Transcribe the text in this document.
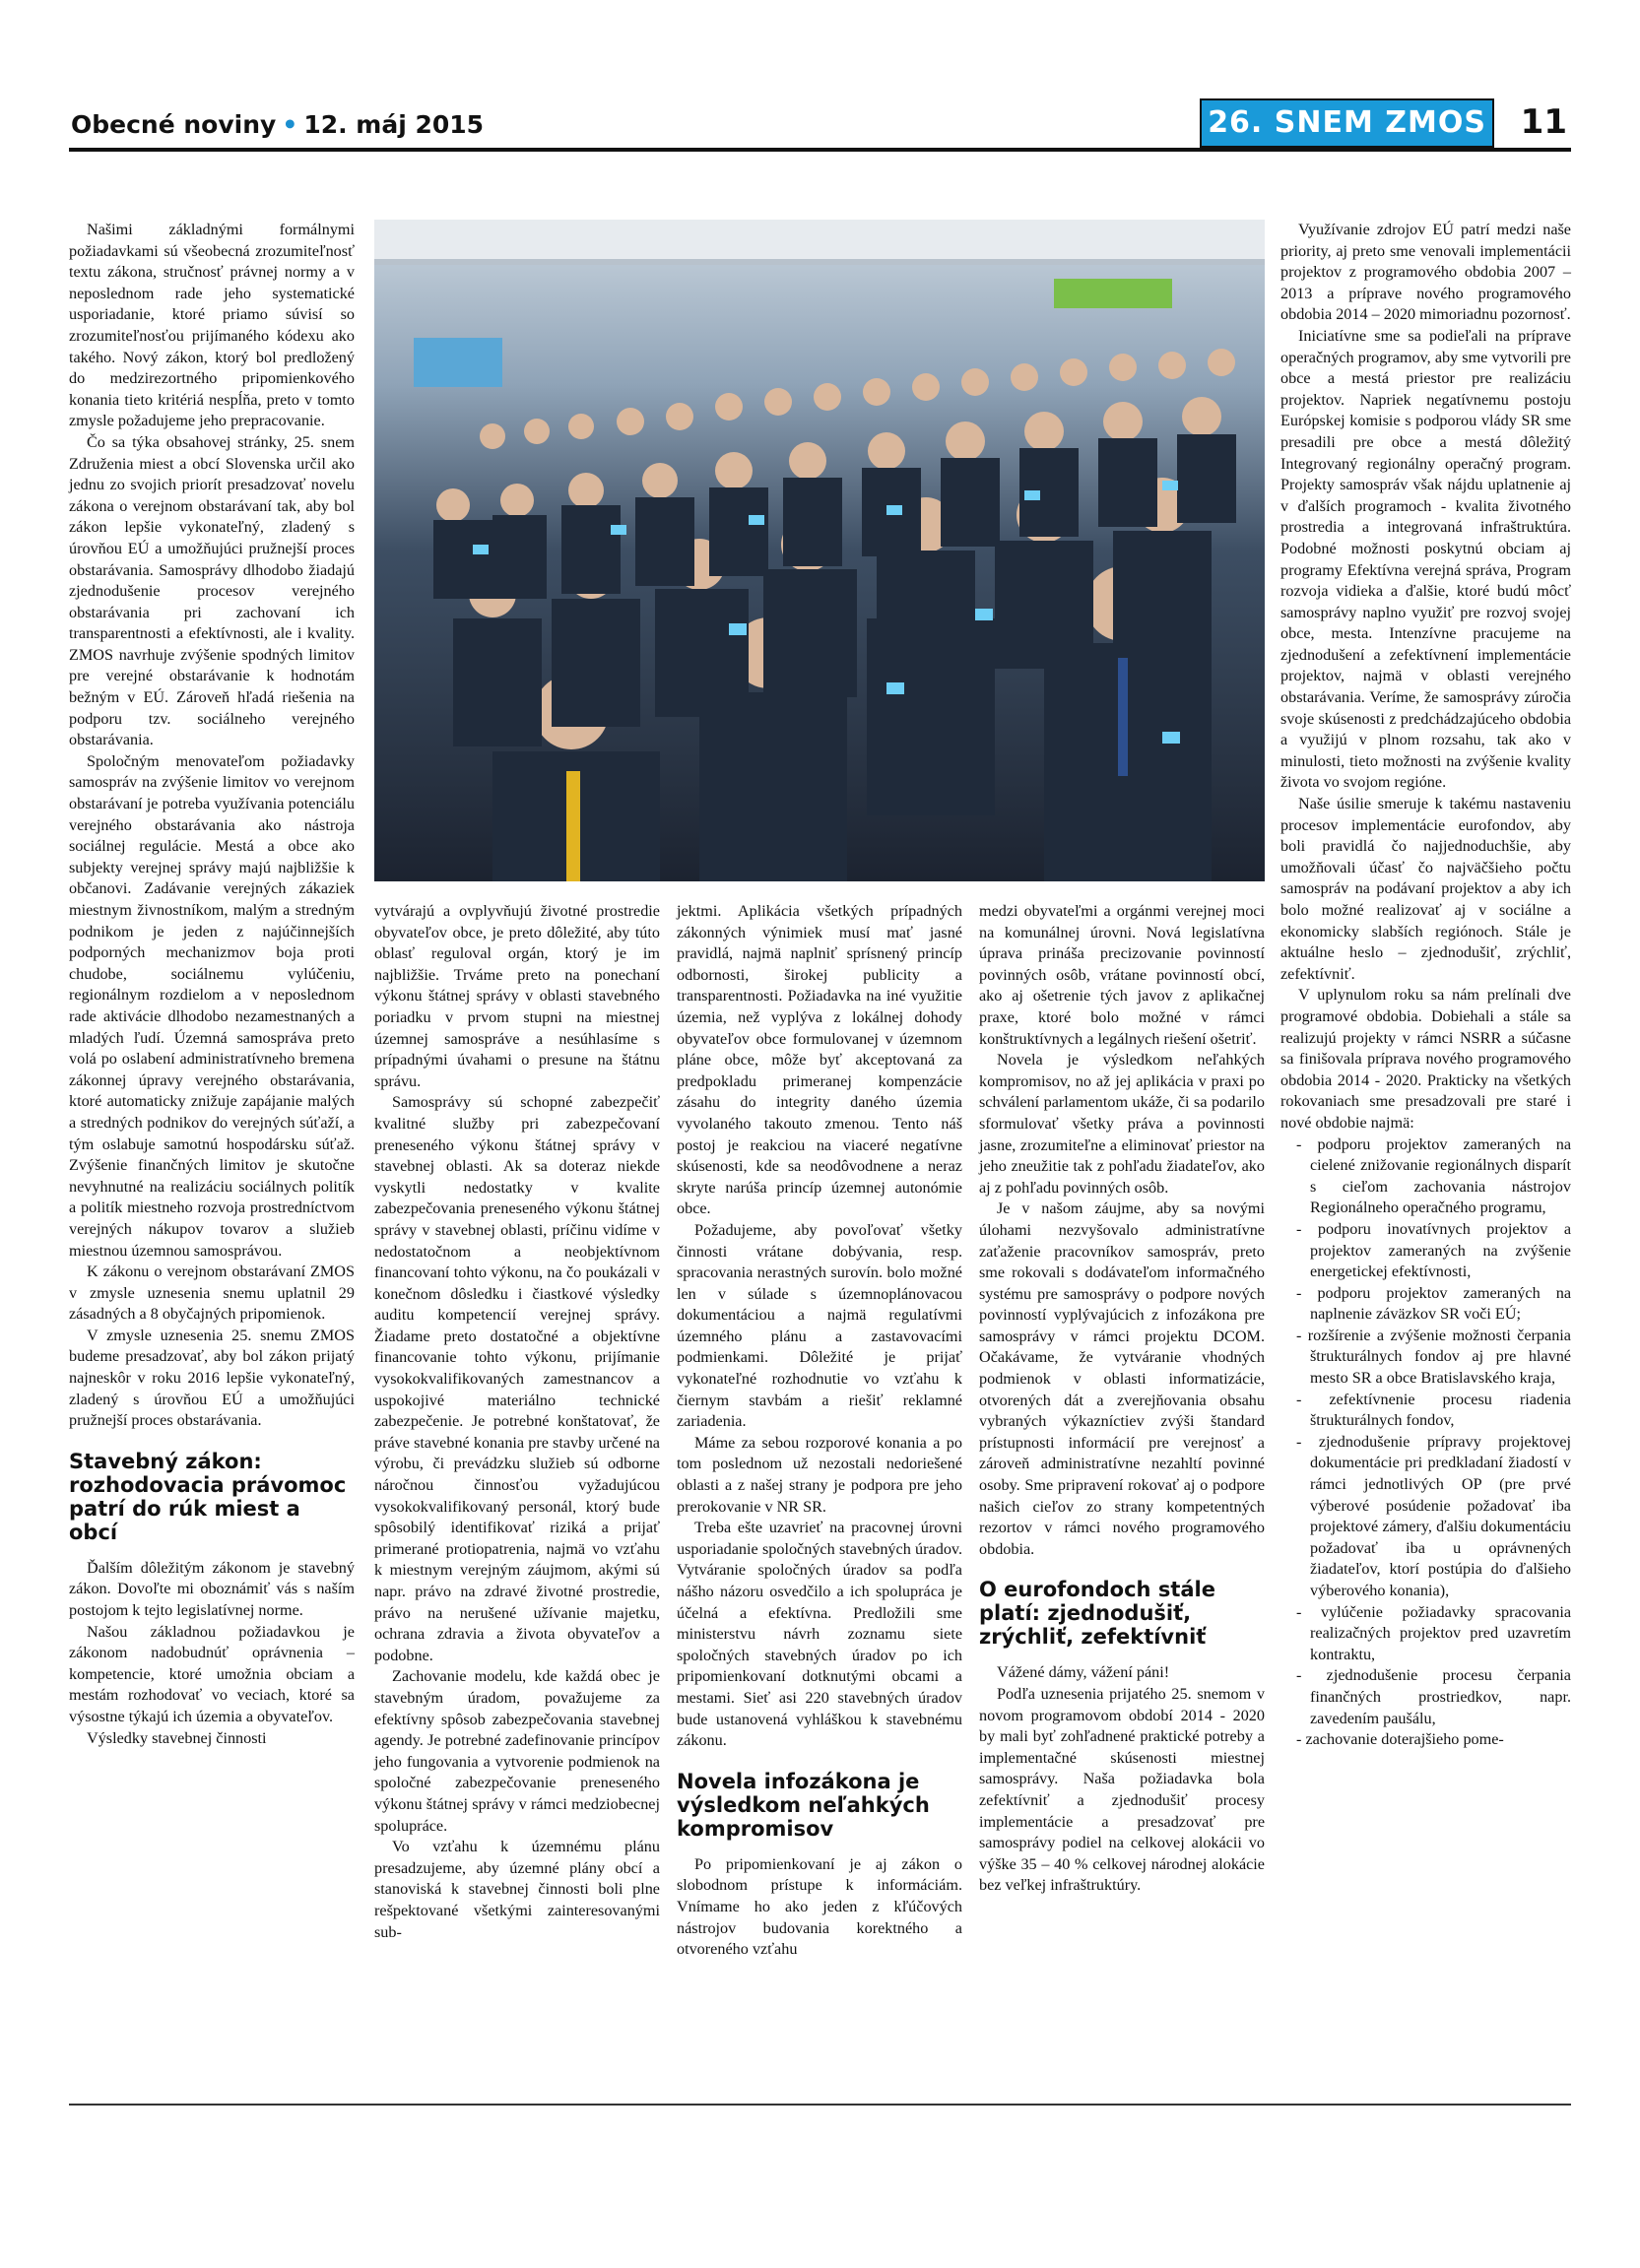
Obecné noviny • 12. máj 2015	26. SNEM ZMOS 11

Našimi základnými formálnymi požiadavkami sú všeobecná zrozumiteľnosť textu zákona, stručnosť právnej normy a v neposlednom rade jeho systematické usporiadanie, ktoré priamo súvisí so zrozumiteľnosťou prijímaného kódexu ako takého. Nový zákon, ktorý bol predložený do medzirezortného pripomienkového konania tieto kritériá nespĺňa, preto v tomto zmysle požadujeme jeho prepracovanie.

Čo sa týka obsahovej stránky, 25. snem Združenia miest a obcí Slovenska určil ako jednu zo svojich priorít presadzovať novelu zákona o verejnom obstarávaní tak, aby bol zákon lepšie vykonateľný, zladený s úrovňou EÚ a umožňujúci pružnejší proces obstarávania. Samosprávy dlhodobo žiadajú zjednodušenie procesov verejného obstarávania pri zachovaní ich transparentnosti a efektívnosti, ale i kvality. ZMOS navrhuje zvýšenie spodných limitov pre verejné obstarávanie k hodnotám bežným v EÚ. Zároveň hľadá riešenia na podporu tzv. sociálneho verejného obstarávania.

Spoločným menovateľom požiadavky samospráv na zvýšenie limitov vo verejnom obstarávaní je potreba využívania potenciálu verejného obstarávania ako nástroja sociálnej regulácie. Mestá a obce ako subjekty verejnej správy majú najbližšie k občanovi. Zadávanie verejných zákaziek miestnym živnostníkom, malým a stredným podnikom je jeden z najúčinnejších podporných mechanizmov boja proti chudobe, sociálnemu vylúčeniu, regionálnym rozdielom a v neposlednom rade aktivácie dlhodobo nezamestnaných a mladých ľudí. Územná samospráva preto volá po oslabení administratívneho bremena zákonnej úpravy verejného obstarávania, ktoré automaticky znižuje zapájanie malých a stredných podnikov do verejných súťaží, a tým oslabuje samotnú hospodársku súťaž. Zvýšenie finančných limitov je skutočne nevyhnutné na realizáciu sociálnych politík a politík miestneho rozvoja prostredníctvom verejných nákupov tovarov a služieb miestnou územnou samosprávou.

K zákonu o verejnom obstarávaní ZMOS v zmysle uznesenia snemu uplatnil 29 zásadných a 8 obyčajných pripomienok.

V zmysle uznesenia 25. snemu ZMOS budeme presadzovať, aby bol zákon prijatý najneskôr v roku 2016 lepšie vykonateľný, zladený s úrovňou EÚ a umožňujúci pružnejší proces obstarávania.

Stavebný zákon: rozhodovacia právomoc patrí do rúk miest a obcí

Ďalším dôležitým zákonom je stavebný zákon. Dovoľte mi oboznámiť vás s naším postojom k tejto legislatívnej norme.

Našou základnou požiadavkou je zákonom nadobudnúť oprávnenia – kompetencie, ktoré umožnia obciam a mestám rozhodovať vo veciach, ktoré sa výsostne týkajú ich územia a obyvateľov.

Výsledky stavebnej činnosti

vytvárajú a ovplyvňujú životné prostredie obyvateľov obce, je preto dôležité, aby túto oblasť reguloval orgán, ktorý je im najbližšie. Trváme preto na ponechaní výkonu štátnej správy v oblasti stavebného poriadku v prvom stupni na miestnej územnej samospráve a nesúhlasíme s prípadnými úvahami o presune na štátnu správu.

Samosprávy sú schopné zabezpečiť kvalitné služby pri zabezpečovaní preneseného výkonu štátnej správy v stavebnej oblasti. Ak sa doteraz niekde vyskytli nedostatky v kvalite zabezpečovania preneseného výkonu štátnej správy v stavebnej oblasti, príčinu vidíme v nedostatočnom a neobjektívnom financovaní tohto výkonu, na čo poukázali v konečnom dôsledku i čiastkové výsledky auditu kompetencií verejnej správy. Žiadame preto dostatočné a objektívne financovanie tohto výkonu, prijímanie vysokokvalifikovaných zamestnancov a uspokojivé materiálno technické zabezpečenie. Je potrebné konštatovať, že práve stavebné konania pre stavby určené na výrobu, či prevádzku služieb sú odborne náročnou činnosťou vyžadujúcou vysokokvalifikovaný personál, ktorý bude spôsobilý identifikovať riziká a prijať primerané protiopatrenia, najmä vo vzťahu k miestnym verejným záujmom, akými sú napr. právo na zdravé životné prostredie, právo na nerušené užívanie majetku, ochrana zdravia a života obyvateľov a podobne.

Zachovanie modelu, kde každá obec je stavebným úradom, považujeme za efektívny spôsob zabezpečovania stavebnej agendy. Je potrebné zadefinovanie princípov jeho fungovania a vytvorenie podmienok na spoločné zabezpečovanie preneseného výkonu štátnej správy v rámci medziobecnej spolupráce.

Vo vzťahu k územnému plánu presadzujeme, aby územné plány obcí a stanoviská k stavebnej činnosti boli plne rešpektované všetkými zainteresovanými sub-

jektmi. Aplikácia všetkých prípadných zákonných výnimiek musí mať jasné pravidlá, najmä naplniť sprísnený princíp odbornosti, širokej publicity a transparentnosti. Požiadavka na iné využitie územia, než vyplýva z lokálnej dohody obyvateľov obce formulovanej v územnom pláne obce, môže byť akceptovaná za predpokladu primeranej kompenzácie zásahu do integrity daného územia vyvolaného takouto zmenou. Tento náš postoj je reakciou na viaceré negatívne skúsenosti, kde sa neodôvodnene a neraz skryte narúša princíp územnej autonómie obce.

Požadujeme, aby povoľovať všetky činnosti vrátane dobývania, resp. spracovania nerastných surovín. bolo možné len v súlade s územnoplánovacou dokumentáciou a najmä regulatívmi územného plánu a zastavovacími podmienkami. Dôležité je prijať vykonateľné rozhodnutie vo vzťahu k čiernym stavbám a riešiť reklamné zariadenia.

Máme za sebou rozporové konania a po tom poslednom už nezostali nedoriešené oblasti a z našej strany je podpora pre jeho prerokovanie v NR SR.

Treba ešte uzavrieť na pracovnej úrovni usporiadanie spoločných stavebných úradov. Vytváranie spoločných úradov sa podľa nášho názoru osvedčilo a ich spolupráca je účelná a efektívna. Predložili sme ministerstvu návrh zoznamu siete spoločných stavebných úradov po ich pripomienkovaní dotknutými obcami a mestami. Sieť asi 220 stavebných úradov bude ustanovená vyhláškou k stavebnému zákonu.

Novela infozákona je výsledkom neľahkých kompromisov

Po pripomienkovaní je aj zákon o slobodnom prístupe k informáciám. Vnímame ho ako jeden z kľúčových nástrojov budovania korektného a otvoreného vzťahu

medzi obyvateľmi a orgánmi verejnej moci na komunálnej úrovni. Nová legislatívna úprava prináša precizovanie povinností povinných osôb, vrátane povinností obcí, ako aj ošetrenie tých javov z aplikačnej praxe, ktoré bolo možné v rámci konštruktívnych a legálnych riešení ošetriť.

Novela je výsledkom neľahkých kompromisov, no až jej aplikácia v praxi po schválení parlamentom ukáže, či sa podarilo sformulovať všetky práva a povinnosti jasne, zrozumiteľne a eliminovať priestor na jeho zneužitie tak z pohľadu žiadateľov, ako aj z pohľadu povinných osôb.

Je v našom záujme, aby sa novými úlohami nezvyšovalo administratívne zaťaženie pracovníkov samospráv, preto sme rokovali s dodávateľom informačného systému pre samosprávy o podpore nových povinností vyplývajúcich z infozákona pre samosprávy v rámci projektu DCOM. Očakávame, že vytváranie vhodných podmienok v oblasti informatizácie, otvorených dát a zverejňovania obsahu vybraných výkazníctiev zvýši štandard prístupnosti informácií pre verejnosť a zároveň administratívne nezahltí povinné osoby. Sme pripravení rokovať aj o podpore našich cieľov zo strany kompetentných rezortov v rámci nového programového obdobia.

O eurofondoch stále platí: zjednodušiť, zrýchliť, zefektívniť

Vážené dámy, vážení páni!

Podľa uznesenia prijatého 25. snemom v novom programovom období 2014 - 2020 by mali byť zohľadnené praktické potreby a implementačné skúsenosti miestnej samosprávy. Naša požiadavka bola zefektívniť a zjednodušiť procesy implementácie a presadzovať pre samosprávy podiel na celkovej alokácii vo výške 35 – 40 % celkovej národnej alokácie bez veľkej infraštruktúry.

Využívanie zdrojov EÚ patrí medzi naše priority, aj preto sme venovali implementácii projektov z programového obdobia 2007 – 2013 a príprave nového programového obdobia 2014 – 2020 mimoriadnu pozornosť.

Iniciatívne sme sa podieľali na príprave operačných programov, aby sme vytvorili pre obce a mestá priestor pre realizáciu projektov. Napriek negatívnemu postoju Európskej komisie s podporou vlády SR sme presadili pre obce a mestá dôležitý Integrovaný regionálny operačný program. Projekty samospráv však nájdu uplatnenie aj v ďalších programoch - kvalita životného prostredia a integrovaná infraštruktúra. Podobné možnosti poskytnú obciam aj programy Efektívna verejná správa, Program rozvoja vidieka a ďalšie, ktoré budú môcť samosprávy naplno využiť pre rozvoj svojej obce, mesta. Intenzívne pracujeme na zjednodušení a zefektívnení implementácie projektov, najmä v oblasti verejného obstarávania. Veríme, že samosprávy zúročia svoje skúsenosti z predchádzajúceho obdobia a využijú v plnom rozsahu, tak ako v minulosti, tieto možnosti na zvýšenie kvality života vo svojom regióne.

Naše úsilie smeruje k takému nastaveniu procesov implementácie eurofondov, aby boli pravidlá čo najjednoduchšie, aby umožňovali účasť čo najväčšieho počtu samospráv na podávaní projektov a aby ich bolo možné realizovať aj v sociálne a ekonomicky slabších regiónoch. Stále je aktuálne heslo – zjednodušiť, zrýchliť, zefektívniť.

V uplynulom roku sa nám prelínali dve programové obdobia. Dobiehali a stále sa realizujú projekty v rámci NSRR a súčasne sa finišovala príprava nového programového obdobia 2014 - 2020. Prakticky na všetkých rokovaniach sme presadzovali pre staré i nové obdobie najmä:

- podporu projektov zameraných na cielené znižovanie regionálnych disparít s cieľom zachovania nástrojov Regionálneho operačného programu,
- podporu inovatívnych projektov a projektov zameraných na zvýšenie energetickej efektívnosti,
- podporu projektov zameraných na naplnenie záväzkov SR voči EÚ;
- rozšírenie a zvýšenie možnosti čerpania štrukturálnych fondov aj pre hlavné mesto SR a obce Bratislavského kraja,
- zefektívnenie procesu riadenia štrukturálnych fondov,
- zjednodušenie prípravy projektovej dokumentácie pri predkladaní žiadostí v rámci jednotlivých OP (pre prvé výberové posúdenie požadovať iba projektové zámery, ďalšiu dokumentáciu požadovať iba u oprávnených žiadateľov, ktorí postúpia do ďalšieho výberového konania),
- vylúčenie požiadavky spracovania realizačných projektov pred uzavretím kontraktu,
- zjednodušenie procesu čerpania finančných prostriedkov, napr. zavedením paušálu,
- zachovanie doterajšieho pome-
